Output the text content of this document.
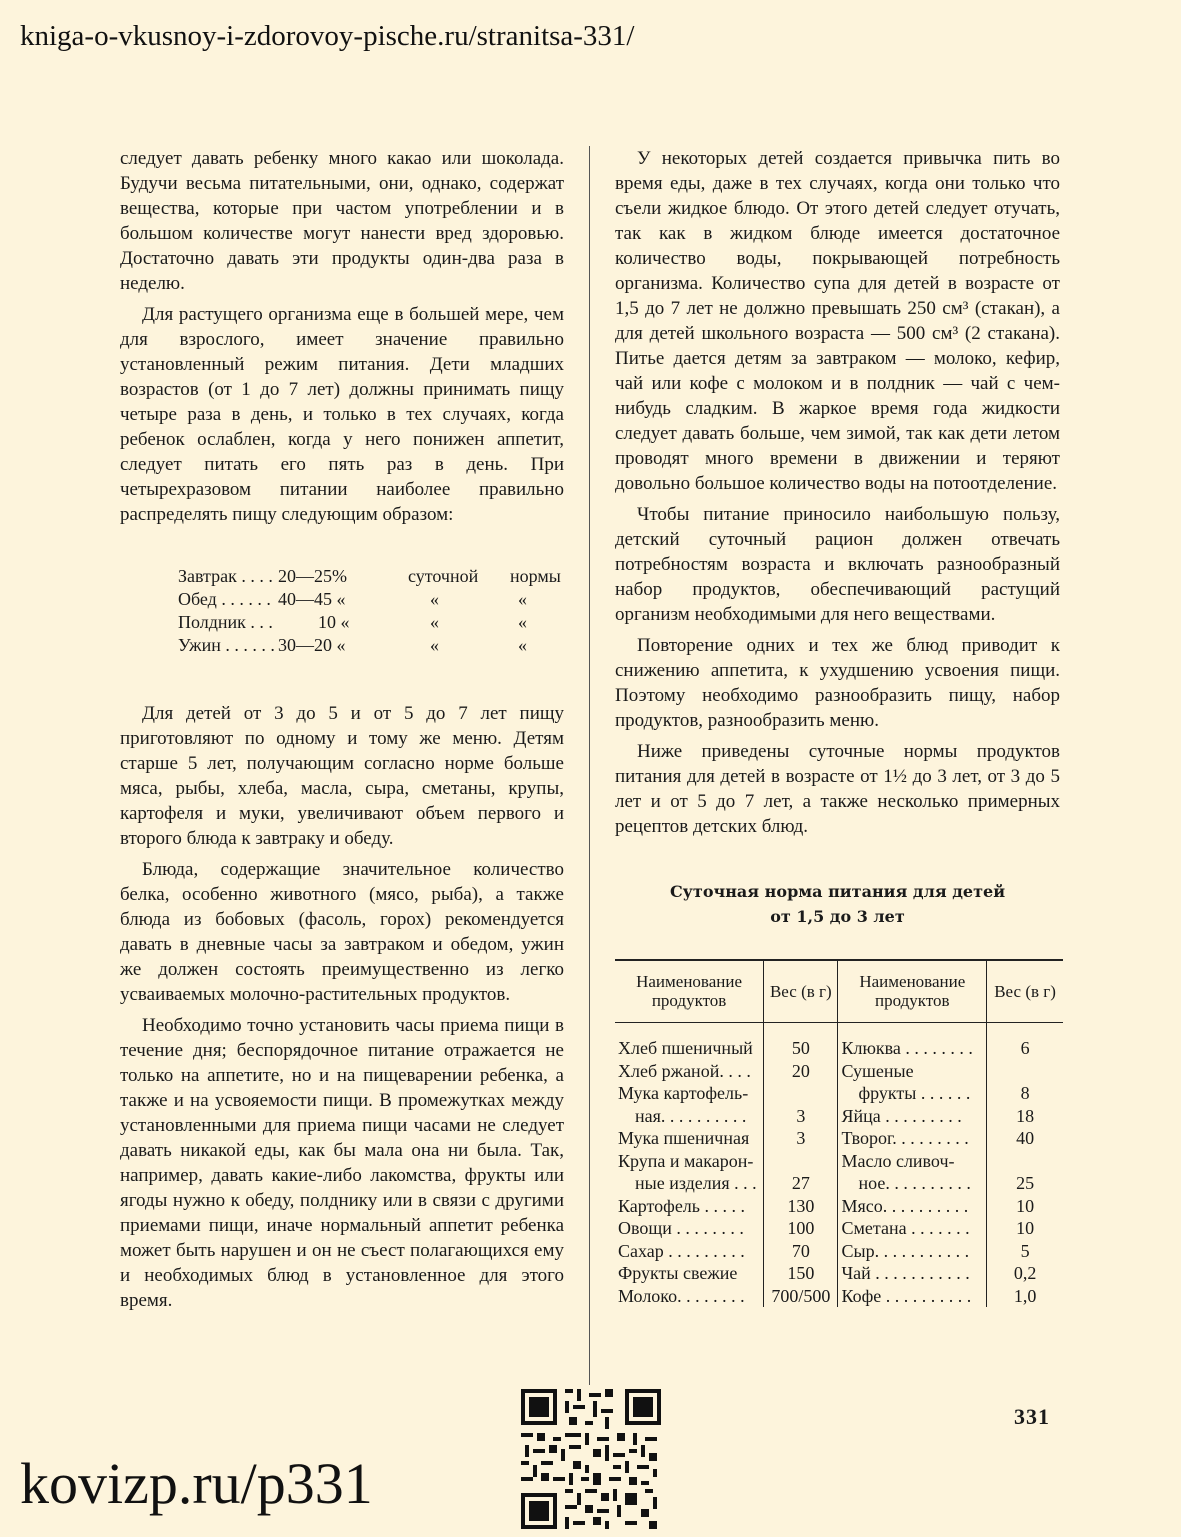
kniga-o-vkusnoy-i-zdorovoy-pische.ru/stranitsa-331/

следует давать ребенку много какао или шоколада. Будучи весьма питательными, они, однако, содержат вещества, которые при частом употреблении и в большом количестве могут нанести вред здоровью. Достаточно давать эти продукты один-два раза в неделю.

Для растущего организма еще в большей мере, чем для взрослого, имеет значение правильно установленный режим питания. Дети младших возрастов (от 1 до 7 лет) должны принимать пищу четыре раза в день, и только в тех случаях, когда ребенок ослаблен, когда у него понижен аппетит, следует питать его пять раз в день. При четырехразовом питании наиболее правильно распределять пищу следующим образом:

Завтрак . . . .	20—25%	суточной	нормы
Обед . . . . . .	40—45 «	«	«
Полдник . . .	10 «	«	«
Ужин . . . . . .	30—20 «	«	«

Для детей от 3 до 5 и от 5 до 7 лет пищу приготовляют по одному и тому же меню. Детям старше 5 лет, получающим согласно норме больше мяса, рыбы, хлеба, масла, сыра, сметаны, крупы, картофеля и муки, увеличивают объем первого и второго блюда к завтраку и обеду.

Блюда, содержащие значительное количество белка, особенно животного (мясо, рыба), а также блюда из бобовых (фасоль, горох) рекомендуется давать в дневные часы за завтраком и обедом, ужин же должен состоять преимущественно из легко усваиваемых молочно-растительных продуктов.

Необходимо точно установить часы приема пищи в течение дня; беспорядочное питание отражается не только на аппетите, но и на пищеварении ребенка, а также и на усвояемости пищи. В промежутках между установленными для приема пищи часами не следует давать никакой еды, как бы мала она ни была. Так, например, давать какие-либо лакомства, фрукты или ягоды нужно к обеду, полднику или в связи с другими приемами пищи, иначе нормальный аппетит ребенка может быть нарушен и он не съест полагающихся ему и необходимых блюд в установленное для этого время.

У некоторых детей создается привычка пить во время еды, даже в тех случаях, когда они только что съели жидкое блюдо. От этого детей следует отучать, так как в жидком блюде имеется достаточное количество воды, покрывающей потребность организма. Количество супа для детей в возрасте от 1,5 до 7 лет не должно превышать 250 см³ (стакан), а для детей школьного возраста — 500 см³ (2 стакана). Питье дается детям за завтраком — молоко, кефир, чай или кофе с молоком и в полдник — чай с чем-нибудь сладким. В жаркое время года жидкости следует давать больше, чем зимой, так как дети летом проводят много времени в движении и теряют довольно большое количество воды на потоотделение.

Чтобы питание приносило наибольшую пользу, детский суточный рацион должен отвечать потребностям возраста и включать разнообразный набор продуктов, обеспечивающий растущий организм необходимыми для него веществами.

Повторение одних и тех же блюд приводит к снижению аппетита, к ухудшению усвоения пищи. Поэтому необходимо разнообразить пищу, набор продуктов, разнообразить меню.

Ниже приведены суточные нормы продуктов питания для детей в возрасте от 1½ до 3 лет, от 3 до 5 лет и от 5 до 7 лет, а также несколько примерных рецептов детских блюд.

Суточная норма питания для детей
от 1,5 до 3 лет
Наименование продуктов	Вес (в г)	Наименование продуктов	Вес (в г)

Хлеб пшеничный	50	Клюква . . . . . . . .	6
Хлеб ржаной. . . .	20	Сушеные	
Мука картофель-		фрукты . . . . . .	8
ная. . . . . . . . . .	3	Яйца . . . . . . . . .	18
Мука пшеничная	3	Творог. . . . . . . . .	40
Крупа и макарон-		Масло сливоч-	
ные изделия . . .	27	ное. . . . . . . . . .	25
Картофель . . . . .	130	Мясо. . . . . . . . . .	10
Овощи . . . . . . . .	100	Сметана . . . . . . .	10
Сахар . . . . . . . . .	70	Сыр. . . . . . . . . . .	5
Фрукты свежие	150	Чай . . . . . . . . . . .	0,2
Молоко. . . . . . . .	700/500	Кофе . . . . . . . . . .	1,0
331
kovizp.ru/p331
